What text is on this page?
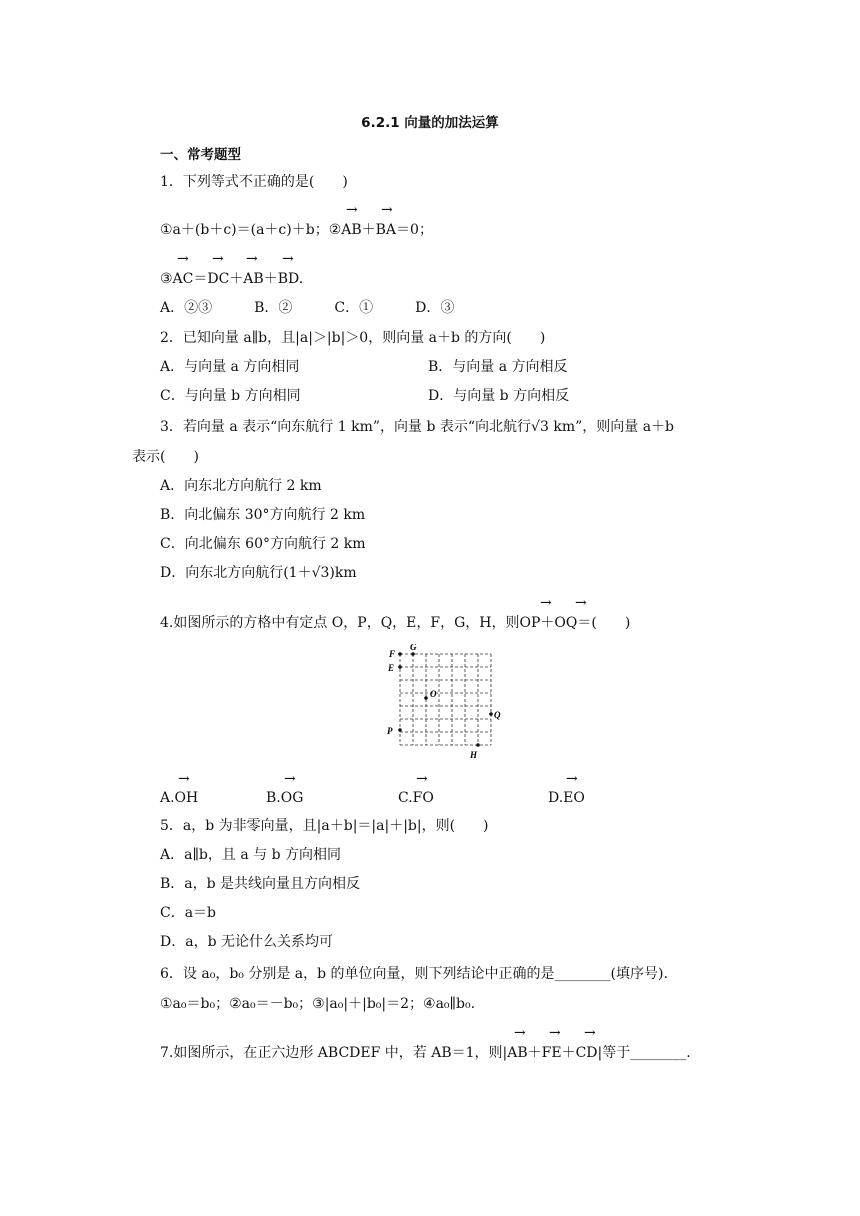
6.2.1 向量的加法运算
一、常考题型
1．下列等式不正确的是(　　)
→ →
①a＋(b＋c)＝(a＋c)＋b；②AB＋BA＝0；
→ → → →
③AC＝DC＋AB＋BD.
A．②③　　　B．②　　　C．①　　　D．③
2．已知向量 a∥b，且|a|＞|b|＞0，则向量 a＋b 的方向(　　)
A．与向量 a 方向相同	B．与向量 a 方向相反
C．与向量 b 方向相同	D．与向量 b 方向相反
3．若向量 a 表示“向东航行 1 km”，向量 b 表示“向北航行√3 km”，则向量 a＋b
表示(　　)
A．向东北方向航行 2 km
B．向北偏东 30°方向航行 2 km
C．向北偏东 60°方向航行 2 km
D．向东北方向航行(1＋√3)km
→ →
4.如图所示的方格中有定点 O，P，Q，E，F，G，H，则OP＋OQ＝(　　)
F
G
E
O
Q
P
H
→	→	→	→
A.OH	B.OG	C.FO	D.EO
5．a，b 为非零向量，且|a＋b|＝|a|＋|b|，则(　　)
A．a∥b，且 a 与 b 方向相同
B．a，b 是共线向量且方向相反
C．a＝b
D．a，b 无论什么关系均可
6．设 a₀，b₀ 分别是 a，b 的单位向量，则下列结论中正确的是________(填序号).
①a₀＝b₀；②a₀＝－b₀；③|a₀|＋|b₀|＝2；④a₀∥b₀.
→ → →
7.如图所示，在正六边形 ABCDEF 中，若 AB＝1，则|AB＋FE＋CD|等于________.
